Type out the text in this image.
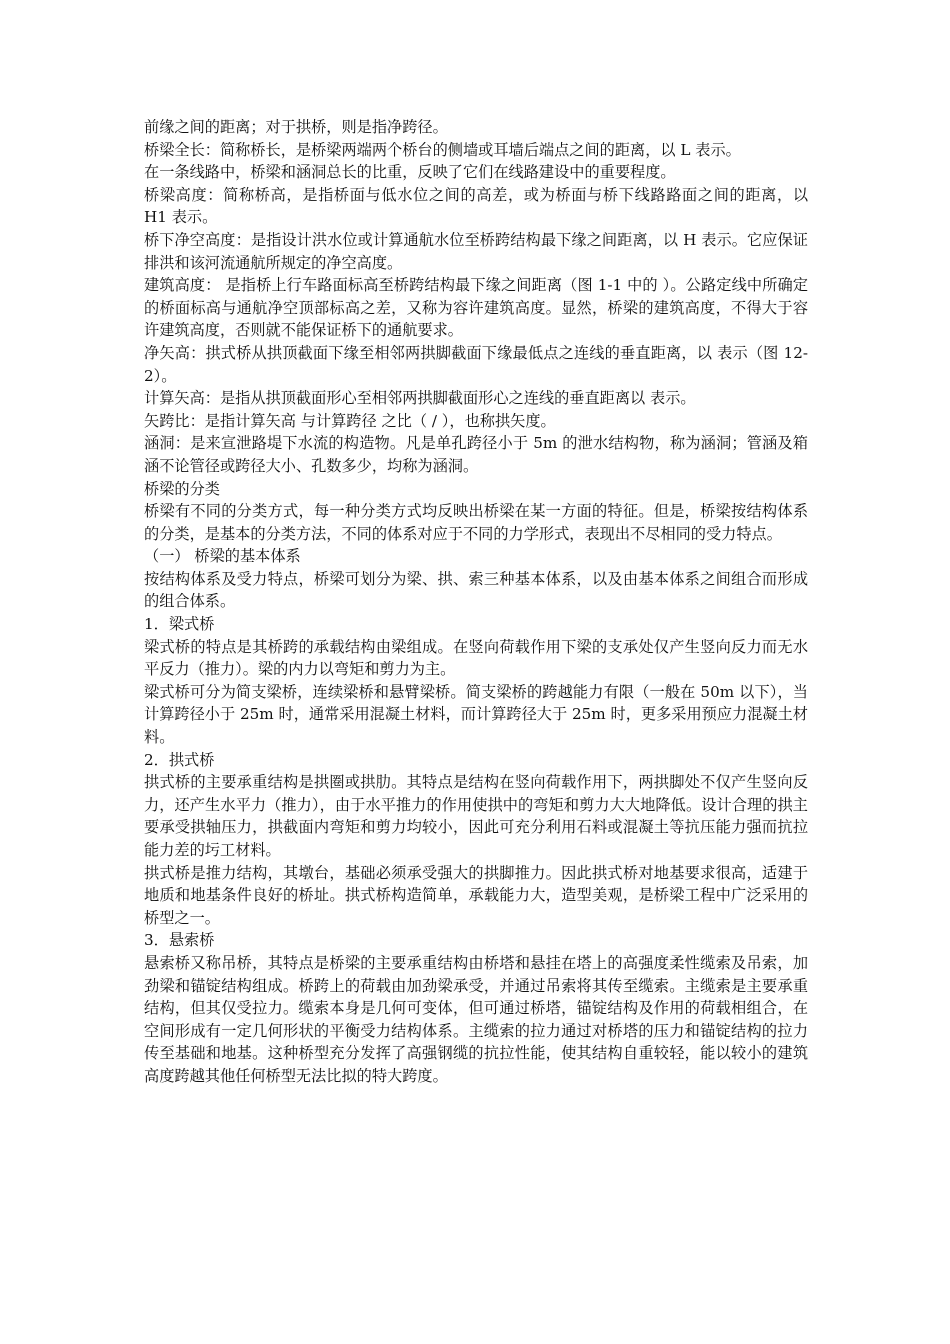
前缘之间的距离；对于拱桥，则是指净跨径。

桥梁全长：简称桥长，是桥梁两端两个桥台的侧墙或耳墙后端点之间的距离，以 L 表示。

在一条线路中，桥梁和涵洞总长的比重，反映了它们在线路建设中的重要程度。

桥梁高度：简称桥高，是指桥面与低水位之间的高差，或为桥面与桥下线路路面之间的距离，以 H1 表示。

桥下净空高度：是指设计洪水位或计算通航水位至桥跨结构最下缘之间距离，以 H 表示。它应保证排洪和该河流通航所规定的净空高度。

建筑高度： 是指桥上行车路面标高至桥跨结构最下缘之间距离（图 1-1 中的 ）。公路定线中所确定的桥面标高与通航净空顶部标高之差，又称为容许建筑高度。显然，桥梁的建筑高度，不得大于容许建筑高度，否则就不能保证桥下的通航要求。

净矢高：拱式桥从拱顶截面下缘至相邻两拱脚截面下缘最低点之连线的垂直距离，以 表示（图 12-2）。

计算矢高：是指从拱顶截面形心至相邻两拱脚截面形心之连线的垂直距离以 表示。

矢跨比：是指计算矢高 与计算跨径 之比（ / ），也称拱矢度。

涵洞：是来宣泄路堤下水流的构造物。凡是单孔跨径小于 5m 的泄水结构物，称为涵洞；管涵及箱涵不论管径或跨径大小、孔数多少，均称为涵洞。

桥梁的分类

桥梁有不同的分类方式，每一种分类方式均反映出桥梁在某一方面的特征。但是，桥梁按结构体系的分类，是基本的分类方法，不同的体系对应于不同的力学形式，表现出不尽相同的受力特点。

（一） 桥梁的基本体系

按结构体系及受力特点，桥梁可划分为梁、拱、索三种基本体系，以及由基本体系之间组合而形成的组合体系。

1．梁式桥

梁式桥的特点是其桥跨的承载结构由梁组成。在竖向荷载作用下梁的支承处仅产生竖向反力而无水平反力（推力）。梁的内力以弯矩和剪力为主。

梁式桥可分为简支梁桥，连续梁桥和悬臂梁桥。简支梁桥的跨越能力有限（一般在 50m 以下），当计算跨径小于 25m 时，通常采用混凝土材料，而计算跨径大于 25m 时，更多采用预应力混凝土材料。

2．拱式桥

拱式桥的主要承重结构是拱圈或拱肋。其特点是结构在竖向荷载作用下，两拱脚处不仅产生竖向反力，还产生水平力（推力），由于水平推力的作用使拱中的弯矩和剪力大大地降低。设计合理的拱主要承受拱轴压力，拱截面内弯矩和剪力均较小，因此可充分利用石料或混凝土等抗压能力强而抗拉能力差的圬工材料。

拱式桥是推力结构，其墩台，基础必须承受强大的拱脚推力。因此拱式桥对地基要求很高，适建于地质和地基条件良好的桥址。拱式桥构造简单，承载能力大，造型美观，是桥梁工程中广泛采用的桥型之一。

3．悬索桥

悬索桥又称吊桥，其特点是桥梁的主要承重结构由桥塔和悬挂在塔上的高强度柔性缆索及吊索，加劲梁和锚锭结构组成。桥跨上的荷载由加劲梁承受，并通过吊索将其传至缆索。主缆索是主要承重结构，但其仅受拉力。缆索本身是几何可变体，但可通过桥塔，锚锭结构及作用的荷载相组合，在空间形成有一定几何形状的平衡受力结构体系。主缆索的拉力通过对桥塔的压力和锚锭结构的拉力传至基础和地基。这种桥型充分发挥了高强钢缆的抗拉性能，使其结构自重较轻，能以较小的建筑高度跨越其他任何桥型无法比拟的特大跨度。
